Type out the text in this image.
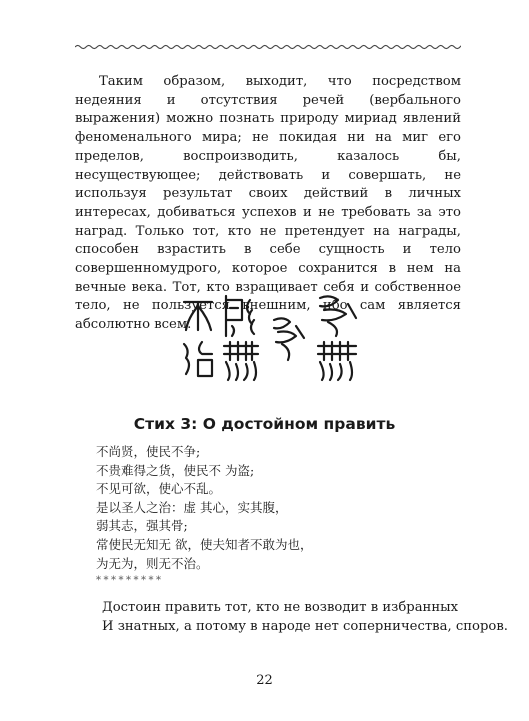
Таким образом, выходит, что посредством недеяния и отсутствия речей (вербального выражения) можно познать природу мириад явлений феноменального мира; не покидая ни на миг его пределов, воспроизводить, казалось бы, несуществующее; действовать и совершать, не используя результат своих действий в личных интересах, добиваться успехов и не требовать за это наград. Только тот, кто не претендует на награды, способен взрастить в себе сущность и тело совершенномудрого, которое сохранится в нем на вечные века. Тот, кто взращивает себя и собственное тело, не пользуется внешним, ибо сам является абсолютно всем.

Стих 3: О достойном править
不尚贤，使民不争;
不贵难得之货，使民不 为盗;
不见可欲，使心不乱。
是以圣人之治：虚 其心，实其腹，
弱其志，强其骨;
常使民无知无 欲，使夫知者不敢为也，
为无为，则无不治。

*********

Достоин править тот, кто не возводит в избранных
И знатных, а потому в народе нет соперничества, споров.

22
